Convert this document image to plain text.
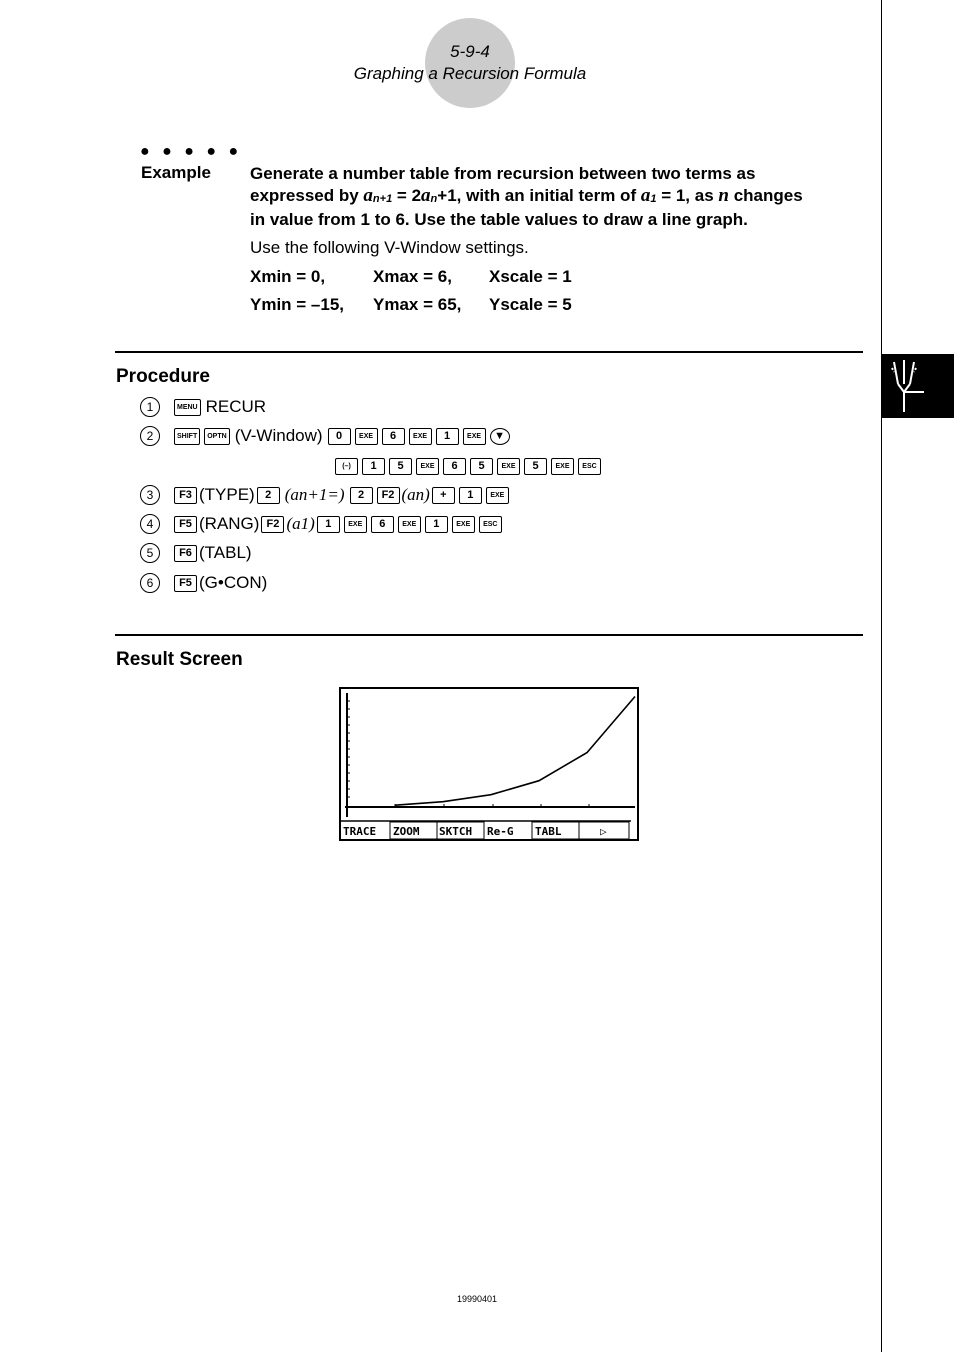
5-9-4
Graphing a Recursion Formula
● ● ● ● ●
Example Generate a number table from recursion between two terms as
expressed by $a_{n+1} = 2a_n+1$, with an initial term of $a_1 = 1$, as n changes
in value from 1 to 6. Use the table values to draw a line graph.
Use the following V-Window settings.
Xmin = 0,	Xmax = 6, Xscale = 1
Ymin = –15, Ymax = 65, Yscale = 5
Procedure
1	MENU RECUR
2	SHIFT	OPTN (V-Window)	0	EXE	6	EXE	1	EXE	▼
(–)	1	5	EXE	6	5	EXE	5	EXE	ESC
3	F3 (TYPE) 2 (an+1=)	2	F2 (an) +	1	EXE
4	F5 (RANG) F2 (a1) 1	EXE	6	EXE	1	EXE	ESC
5	F6 (TABL)
6	F5 (G•CON)
Result Screen
TRACE ZOOM SKTCH Re-G TABL	▷
19990401
